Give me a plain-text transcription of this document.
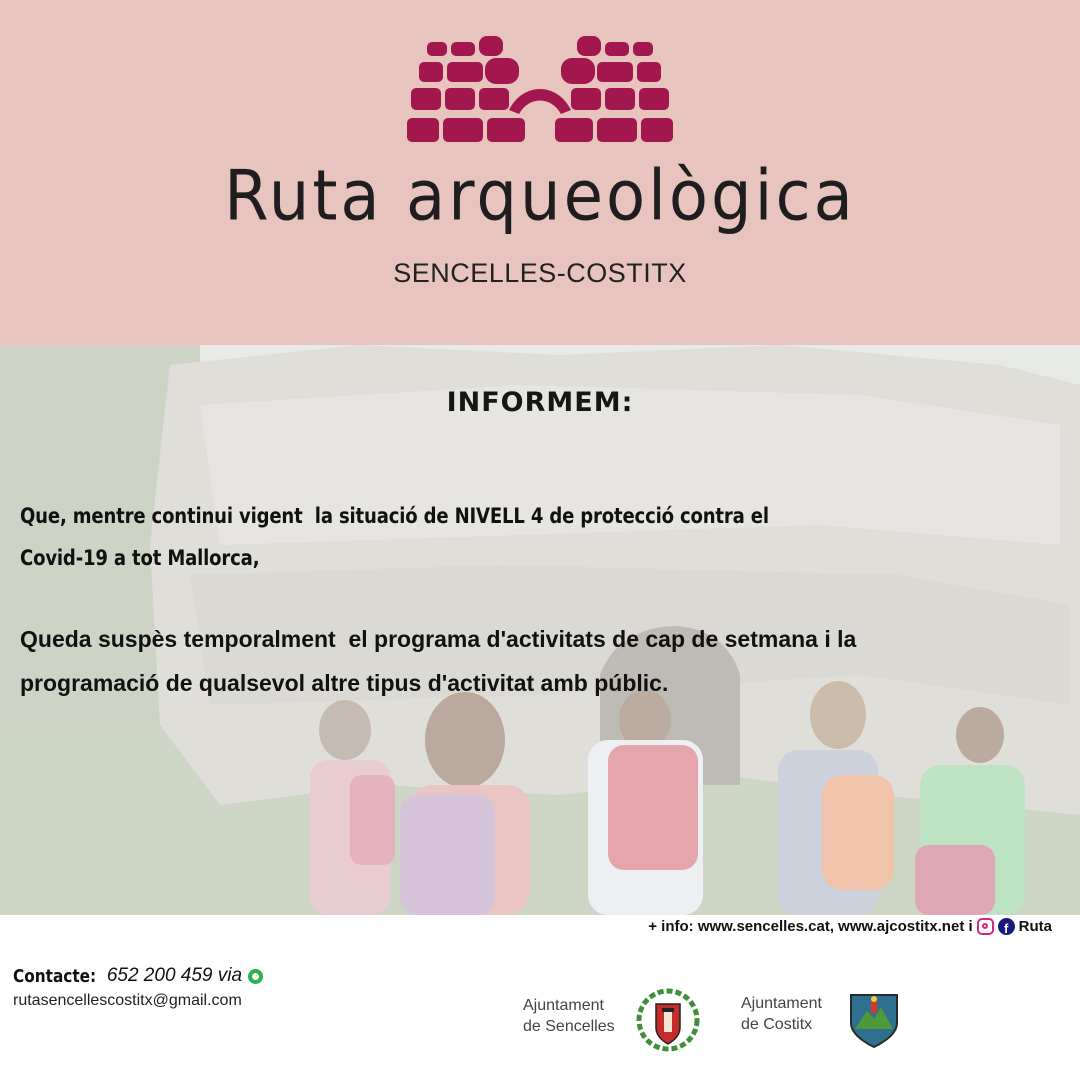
Ruta arqueològica
SENCELLES-COSTITX
INFORMEM:
Que, mentre continui vigent  la situació de NIVELL 4 de protecció contra el
Covid-19 a tot Mallorca,
Queda suspès temporalment  el programa d'activitats de cap de setmana i la
programació de qualsevol altre tipus d'activitat amb públic.
+ info: www.sencelles.cat, www.ajcostitx.net i	f Ruta
Contacte: 652 200 459 via
rutasencellescostitx@gmail.com	Ajuntament
de Sencelles
Ajuntament
de Costitx
